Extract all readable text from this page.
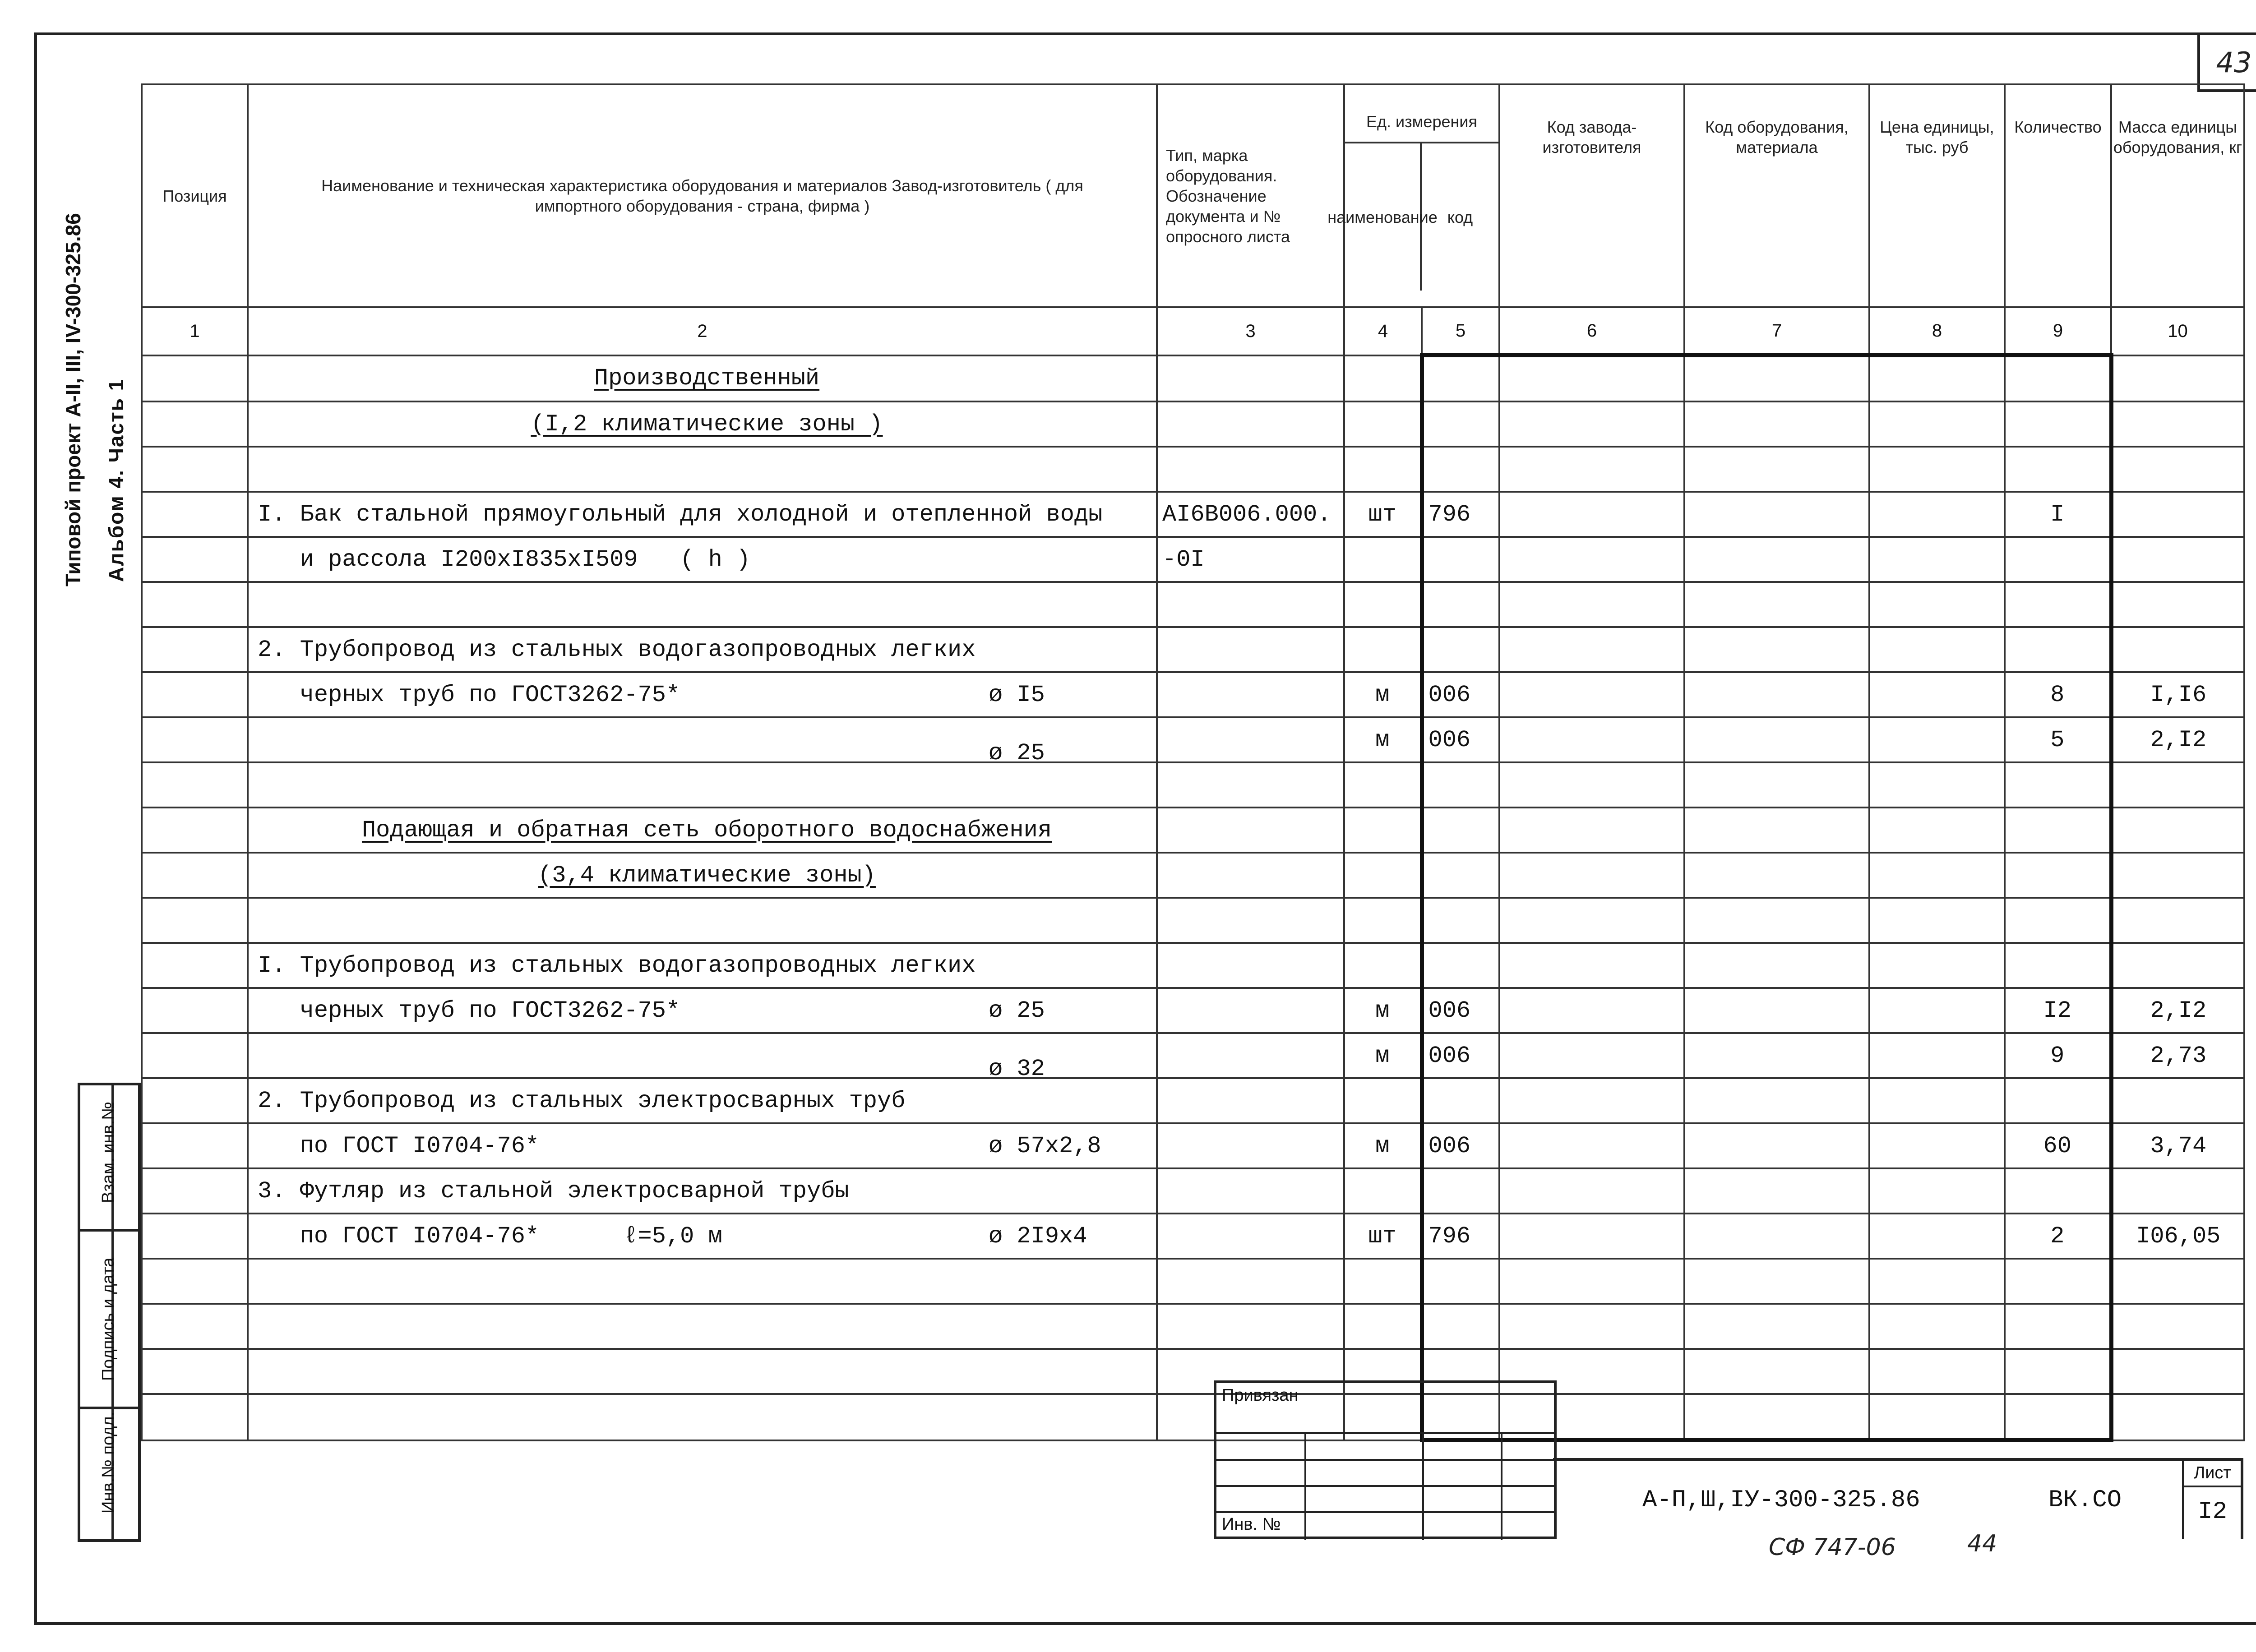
43
Типовой проект А-II, III, IV-300-325.86 Альбом 4. Часть 1
Взам. инв.№
Подпись и дата
Инв.№ подл.
Позиция	Наименование и техническая характеристика оборудования и материалов Завод-изготовитель ( для импортного оборудования - страна, фирма )	Тип, марка оборудования. Обозначение документа и № опросного листа	Ед. измерения
наименование код		Код завода-изготовителя	Код оборудования, материала	Цена единицы, тыс. руб	Количество	Масса единицы оборудования, кг
1	2	3	4	5	6	7	8	9	10

	Производственный								

	(I,2 климатические зоны )								

	I. Бак стальной прямоугольный для холодной и отепленной воды	AI6B006.000.	шт	796				I	
	и рассола I200xI835xI509   ( h )	-0I							

	2. Трубопровод из стальных водогазопроводных легких								
	черных труб по ГОСТ3262-75* ø I5		м	006				8	I,I6

	ø 25		м	006				5	2,I2

	Подающая и обратная сеть оборотного водоснабжения								

	(3,4 климатические зоны)								

	I. Трубопровод из стальных водогазопроводных легких								
	черных труб по ГОСТ3262-75* ø 25		м	006				I2	2,I2

	ø 32		м	006				9	2,73
	2. Трубопровод из стальных электросварных труб								
	по ГОСТ I0704-76* ø 57x2,8		м	006				60	3,74
	3. Футляр из стальной электросварной трубы								
	по ГОСТ I0704-76*      ℓ=5,0 м ø 2I9x4		шт	796				2	I06,05

Привязан
Инв. №
Лист
I2
А-П,Ш,IУ-300-325.86	ВК.СО
СФ 747-06	44
